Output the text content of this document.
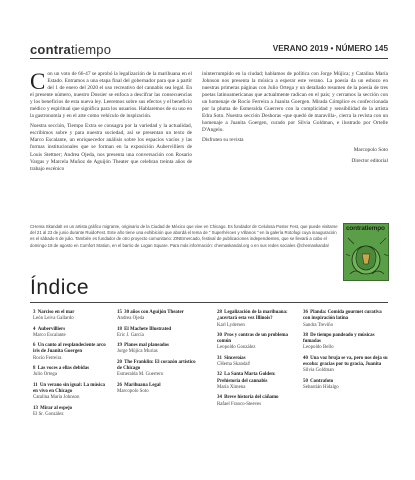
contratiempo	VERANO 2019 • NÚMERO 145

Con un voto de 66-47 se aprobó la legalización de la marihuana en el Estado. Entramos a una etapa final del gobernador para que a partir del 1 de enero del 2020 el uso recreativo del cannabis sea legal. En el presente número, nuestro Dossier se enfoca a descifrar las consecuencias y los beneficios de esta nueva ley. Leeremos sobre sus efectos y el beneficio médico y espiritual que significa para los usuarios. Hablaremos de su uso en la gastronomía y en el arte como vehículo de inspiración.

Nuestra sección, Tiempo Extra se consagra por la variedad y la actualidad, escribimos sobre y para nuestra sociedad, así se presentan un texto de Marco Escalante, un enriquecedor análisis sobre los espacios vacíos y las formas institucionales que se forman en la exposición Aubervilliers de Louis Stettner; Andrea Ojeda, nos presenta una conversación con Rosario Vargas y Marcela Muñoz de Aguijón Theater que celebran treinta años de trabajo escénico

ininterrumpido en la ciudad; hablamos de política con Jorge Mújica; y Catalina María Johnson nos presenta la música a esperar este verano. La poesía da un esbozo en nuestras primeras páginas con Julio Ortega y un detallado resumen de la poesía de tres poetas latinoamericanas que actualmente radican en el país; y cerramos la sección con un homenaje de Rocío Ferreira a Juanita Goergen. Mirada Cómplice es confeccionada por la pluma de Esmeralda Guerrero con la complicidad y sensibilidad de la artista Edra Soto. Nuestra sección Deshoras -que quedó de maravilla-, cierra la revista con un homenaje a Juanita Goergen, curado por Silvia Goldman, e ilustrado por Ortelle D'Angelo.

Disfruten su revista

Marcopolo Soto

Director editorial

CHema Skandal! es un artista gráfico migrante, originario de la Ciudad de México que vive en Chicago. Es fundador de Celulosa Poster Fest, que puede visitarse del 21 al 23 de junio durante RuidoFest. Este año tiene una exhibición que abordá el tema de " Superhéroes y Villanos " en la galería Rotofugi cuya inauguración es el sábado 6 de julio. También es fundador de otro proyecto comunitario: ZINEmercado, festival de publicaciones independientes, que se llevará a cabo el domingo 18 de agosto en Comfort Station, en el barrio de Logan Square. Para más información: chemaskandal.org o en sus redes sociales @chemaskandal

contratiempo
Índice
3 Narciso en el mar
León Leiva Gallardo
4 Aubervilliers
Marco Escalante
6 Un canto al resplandeciente arco iris de Juanita Goergen
Rocío Ferreira
8 Las voces a ellas debidas
Julio Ortega
11 Un verano sin igual: La música en vivo en Chicago
Catalina María Johnson
13 Mirar al espejo
El Sr. González
15 30 años con Aguijón Theater
Andrea Ojeda
18 El Machete Illustrated
Eric J. García
19 Planes mal planeados
Jorge Mújica Murias
20 The Franklin: El corazón artístico de Chicago
Esmeralda M. Guerrero
26 Marihuana Legal
Marcopolo Soto
28 Legalización de la marihuana: ¿acertará esta vez Illinois?
Karl Lydersen
30 Pros y contras de un problema común
Leopoldo González
31 Sinceroías
CHema Skandal!
32 La Santa Marta Golden: Prehistoria del cannabis
María Ximena
34 Breve historia del cáñamo
Rafael Franco-Steeves
36 Planda: Comida gourmet curativa con inspiración latina
Sandra Treviño
38 De tiempo pandeado y músicas fumadas
Leopoldo Bello
40 Una voz bruja se va, pero nos deja su escoba: gracias por tu gracia, Juanita
Silvia Goldman
50 Contrafoto
Sebastián Hidalgo
